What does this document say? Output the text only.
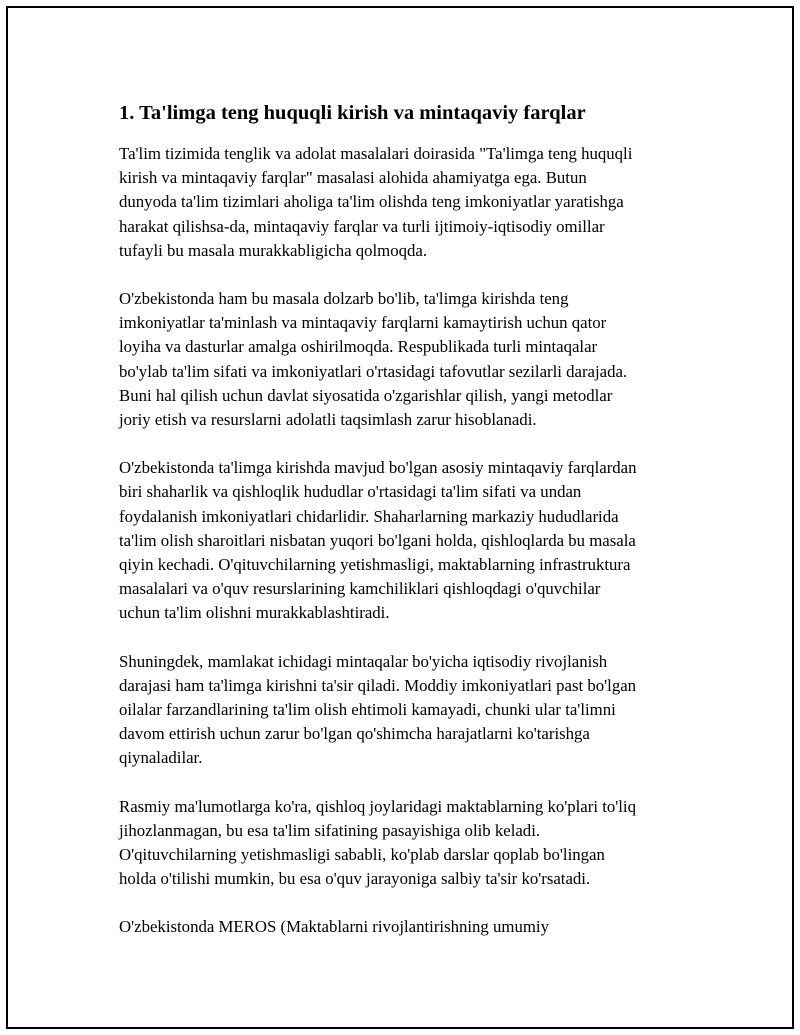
1. Ta'limga teng huquqli kirish va mintaqaviy farqlar

Ta'lim tizimida tenglik va adolat masalalari doirasida "Ta'limga teng huquqli
kirish va mintaqaviy farqlar" masalasi alohida ahamiyatga ega. Butun
dunyoda ta'lim tizimlari aholiga ta'lim olishda teng imkoniyatlar yaratishga
harakat qilishsa-da, mintaqaviy farqlar va turli ijtimoiy-iqtisodiy omillar
tufayli bu masala murakkabligicha qolmoqda.

O'zbekistonda ham bu masala dolzarb bo'lib, ta'limga kirishda teng
imkoniyatlar ta'minlash va mintaqaviy farqlarni kamaytirish uchun qator
loyiha va dasturlar amalga oshirilmoqda. Respublikada turli mintaqalar
bo'ylab ta'lim sifati va imkoniyatlari o'rtasidagi tafovutlar sezilarli darajada.
Buni hal qilish uchun davlat siyosatida o'zgarishlar qilish, yangi metodlar
joriy etish va resurslarni adolatli taqsimlash zarur hisoblanadi.

O'zbekistonda ta'limga kirishda mavjud bo'lgan asosiy mintaqaviy farqlardan
biri shaharlik va qishloqlik hududlar o'rtasidagi ta'lim sifati va undan
foydalanish imkoniyatlari chidarlidir. Shaharlarning markaziy hududlarida
ta'lim olish sharoitlari nisbatan yuqori bo'lgani holda, qishloqlarda bu masala
qiyin kechadi. O'qituvchilarning yetishmasligi, maktablarning infrastruktura
masalalari va o'quv resurslarining kamchiliklari qishloqdagi o'quvchilar
uchun ta'lim olishni murakkablashtiradi.

Shuningdek, mamlakat ichidagi mintaqalar bo'yicha iqtisodiy rivojlanish
darajasi ham ta'limga kirishni ta'sir qiladi. Moddiy imkoniyatlari past bo'lgan
oilalar farzandlarining ta'lim olish ehtimoli kamayadi, chunki ular ta'limni
davom ettirish uchun zarur bo'lgan qo'shimcha harajatlarni ko'tarishga
qiynaladilar.

Rasmiy ma'lumotlarga ko'ra, qishloq joylaridagi maktablarning ko'plari to'liq
jihozlanmagan, bu esa ta'lim sifatining pasayishiga olib keladi.
O'qituvchilarning yetishmasligi sababli, ko'plab darslar qoplab bo'lingan
holda o'tilishi mumkin, bu esa o'quv jarayoniga salbiy ta'sir ko'rsatadi.

O'zbekistonda MEROS (Maktablarni rivojlantirishning umumiy
